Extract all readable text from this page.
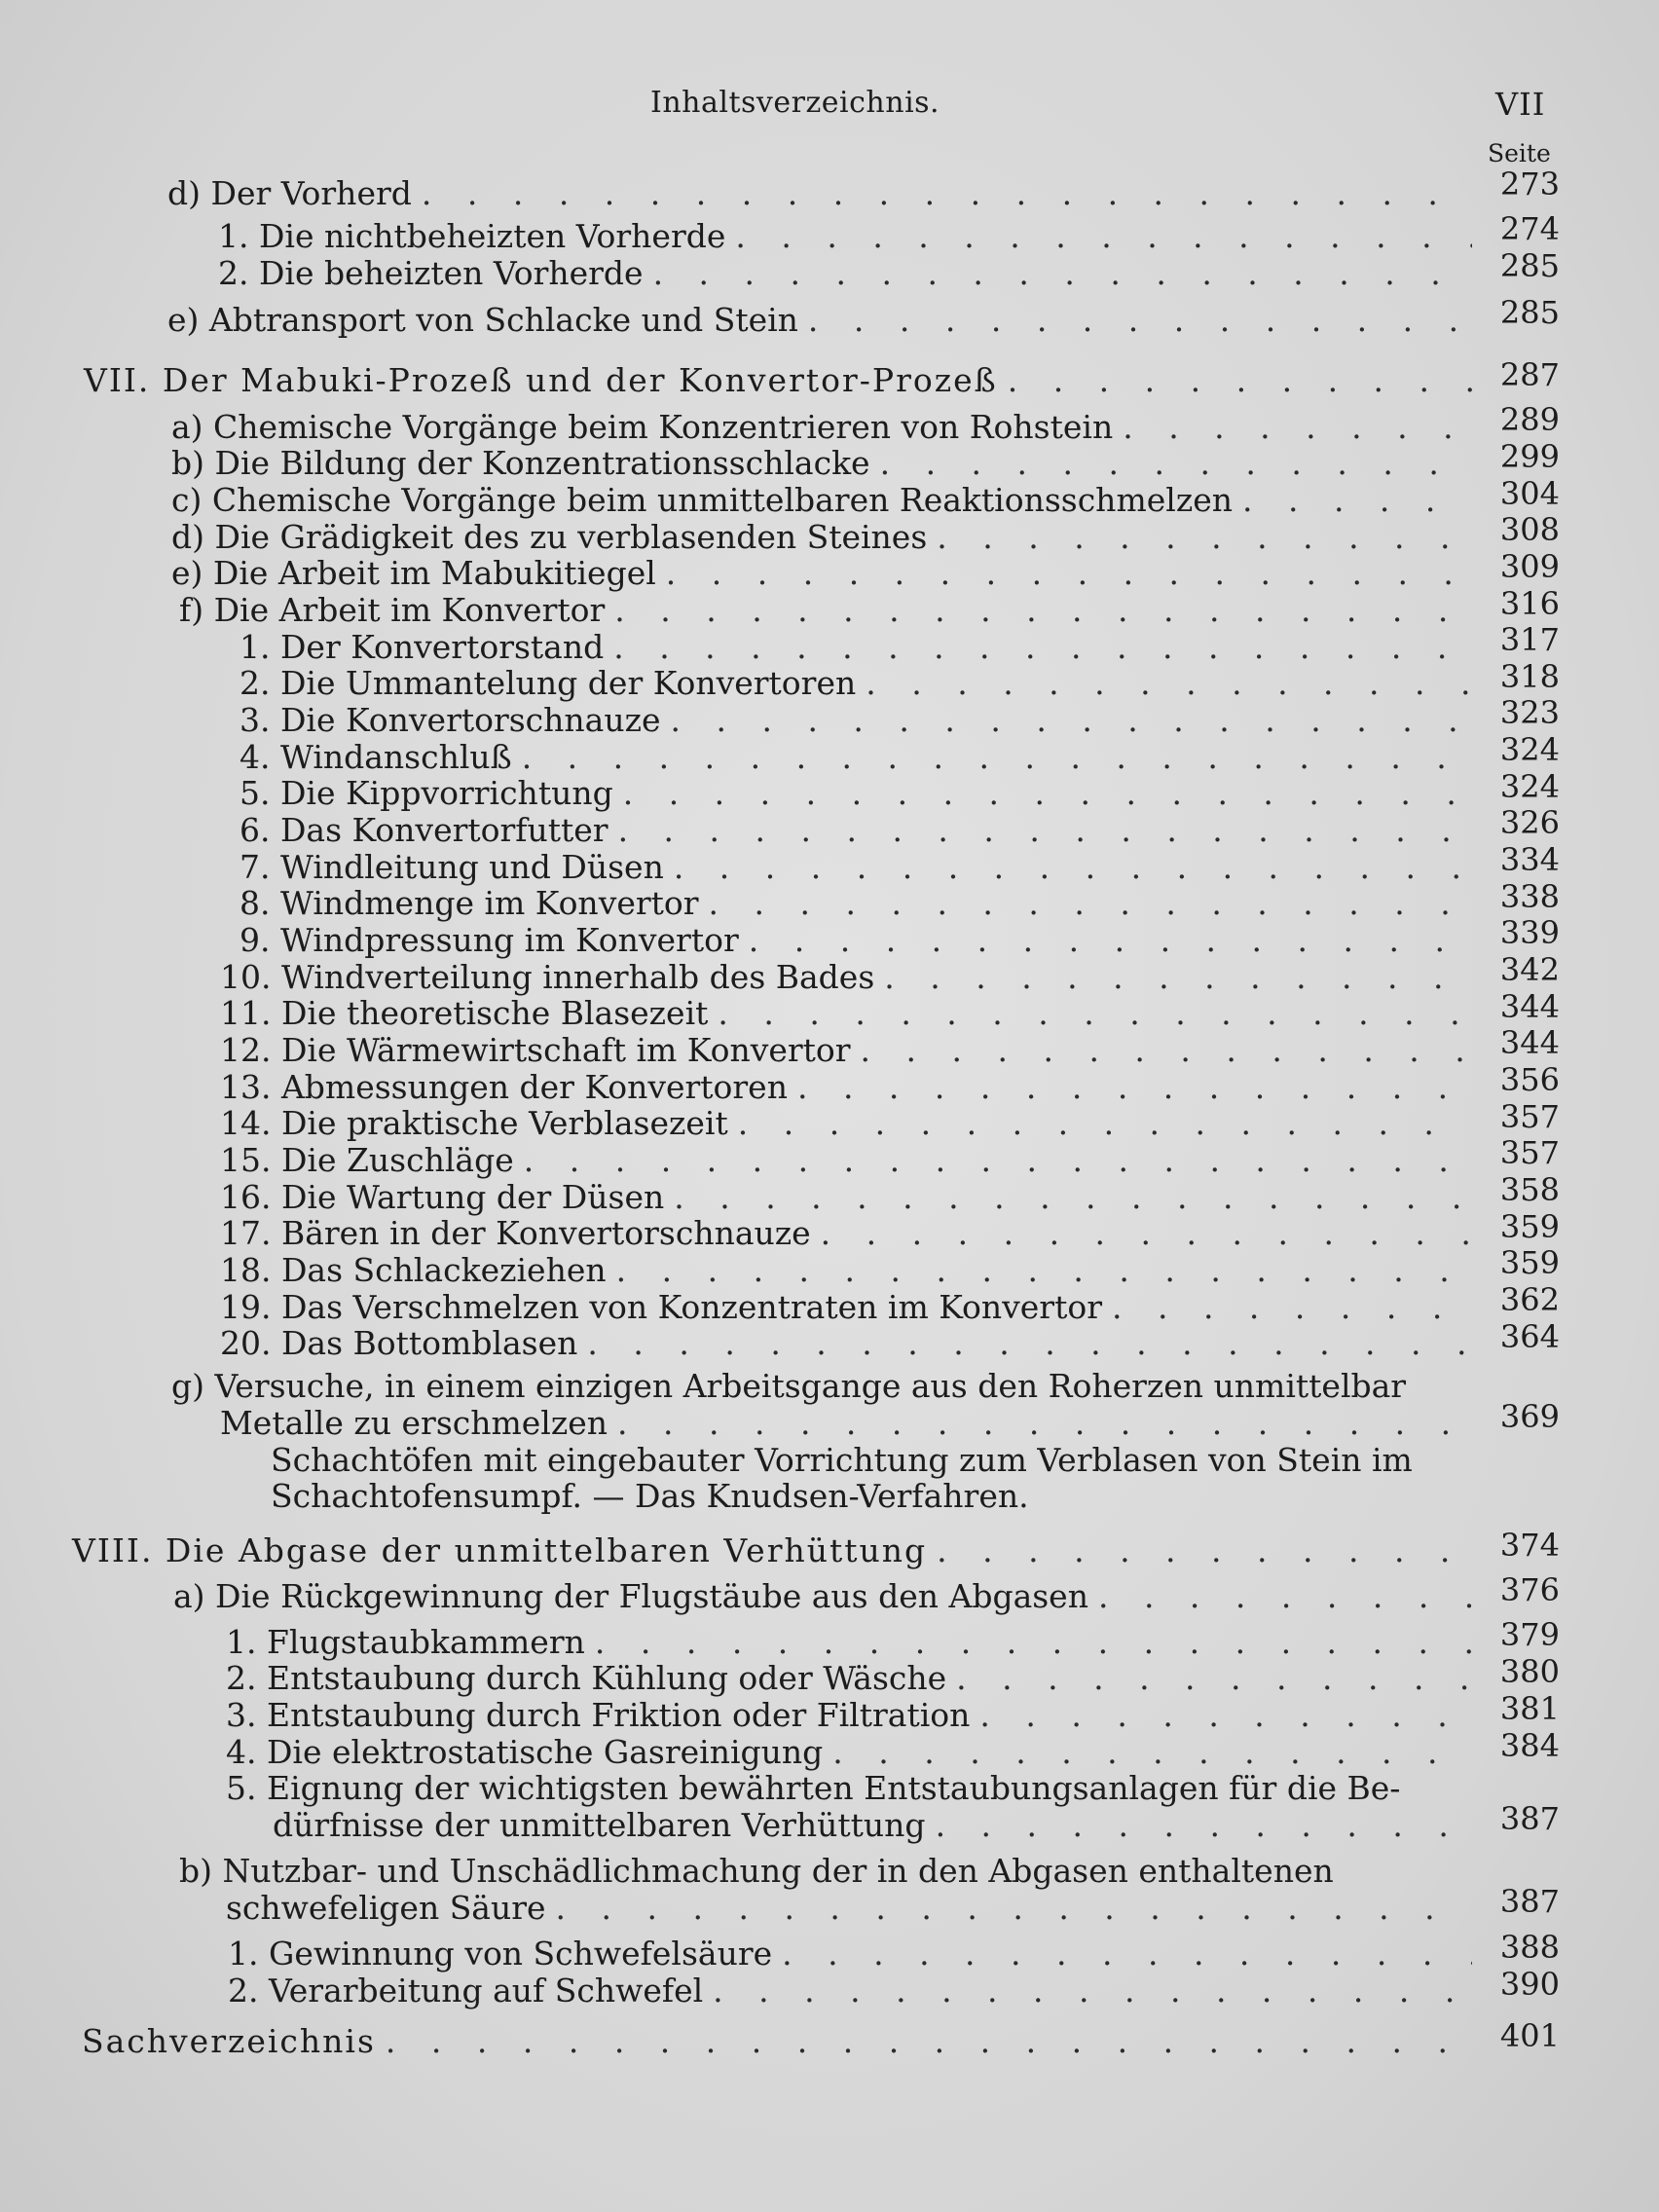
Inhaltsverzeichnis.	VII
Seite
d) Der Vorherd . . .	273
1. Die nichtbeheizten Vorherde . . .	274
2. Die beheizten Vorherde . . .	285
e) Abtransport von Schlacke und Stein . . .	285
VII. Der Mabuki-Prozeß und der Konvertor-Prozeß . . .	287
a) Chemische Vorgänge beim Konzentrieren von Rohstein . . .	289
b) Die Bildung der Konzentrationsschlacke . . .	299
c) Chemische Vorgänge beim unmittelbaren Reaktionsschmelzen . . .	304
d) Die Grädigkeit des zu verblasenden Steines . . .	308
e) Die Arbeit im Mabukitiegel . . .	309
f) Die Arbeit im Konvertor . . .	316
1. Der Konvertorstand . . .	317
2. Die Ummantelung der Konvertoren . . .	318
3. Die Konvertorschnauze . . .	323
4. Windanschluß . . .	324
5. Die Kippvorrichtung . . .	324
6. Das Konvertorfutter . . .	326
7. Windleitung und Düsen . . .	334
8. Windmenge im Konvertor . . .	338
9. Windpressung im Konvertor . . .	339
10. Windverteilung innerhalb des Bades . . .	342
11. Die theoretische Blasezeit . . .	344
12. Die Wärmewirtschaft im Konvertor . . .	344
13. Abmessungen der Konvertoren . . .	356
14. Die praktische Verblasezeit . . .	357
15. Die Zuschläge . . .	357
16. Die Wartung der Düsen . . .	358
17. Bären in der Konvertorschnauze . . .	359
18. Das Schlackeziehen . . .	359
19. Das Verschmelzen von Konzentraten im Konvertor . . .	362
20. Das Bottomblasen . . .	364
g) Versuche, in einem einzigen Arbeitsgange aus den Roherzen unmittelbar
Metalle zu erschmelzen . . .	369
Schachtöfen mit eingebauter Vorrichtung zum Verblasen von Stein im
Schachtofensumpf. — Das Knudsen-Verfahren.
VIII. Die Abgase der unmittelbaren Verhüttung . . .	374
a) Die Rückgewinnung der Flugstäube aus den Abgasen . . .	376
1. Flugstaubkammern . . .	379
2. Entstaubung durch Kühlung oder Wäsche . . .	380
3. Entstaubung durch Friktion oder Filtration . . .	381
4. Die elektrostatische Gasreinigung . . .	384
5. Eignung der wichtigsten bewährten Entstaubungsanlagen für die Be-
dürfnisse der unmittelbaren Verhüttung . . .	387
b) Nutzbar- und Unschädlichmachung der in den Abgasen enthaltenen
schwefeligen Säure . . .	387
1. Gewinnung von Schwefelsäure . . .	388
2. Verarbeitung auf Schwefel . . .	390
Sachverzeichnis . . .	401
